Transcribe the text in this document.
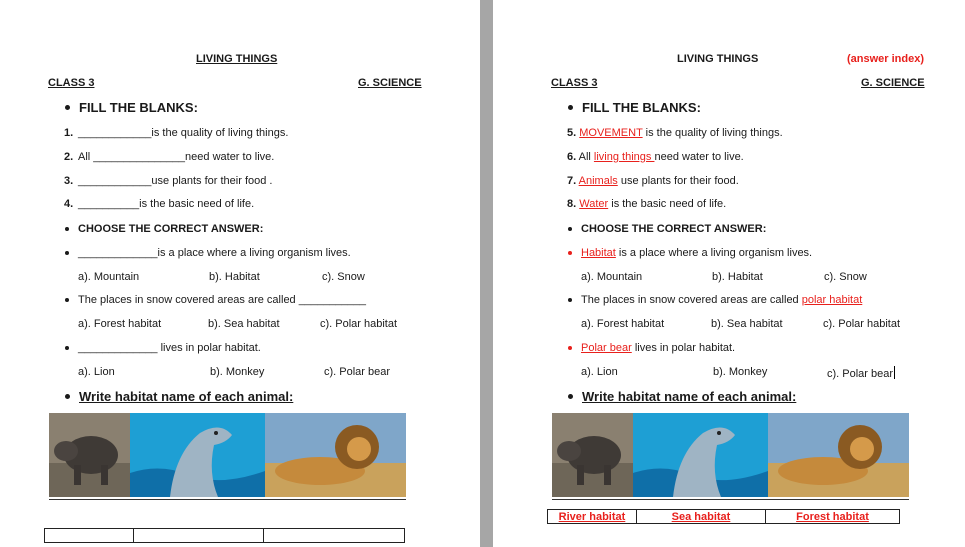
LIVING THINGS
CLASS 3	G. SCIENCE
FILL THE BLANKS:
1. ____________is the quality of living things.
2. All _______________need water to live.
3. ____________use plants for their food .
4. __________is the basic need of life.
CHOOSE THE CORRECT ANSWER:
_____________is a place where a living organism lives.
a). Mountain	b). Habitat	c). Snow
The places in snow covered areas are called ___________
a). Forest habitat	b). Sea habitat	c). Polar habitat
_____________ lives in polar habitat.
a). Lion	b). Monkey	c). Polar bear
Write habitat name of each animal:

LIVING THINGS	(answer index)
CLASS 3	G. SCIENCE
FILL THE BLANKS:
5. MOVEMENT is the quality of living things.
6. All living things need water to live.
7. Animals use plants for their food.
8. Water is the basic need of life.
CHOOSE THE CORRECT ANSWER:
Habitat is a place where a living organism lives.
a). Mountain	b). Habitat	c). Snow
The places in snow covered areas are called polar habitat
a). Forest habitat	b). Sea habitat	c). Polar habitat
Polar bear lives in polar habitat.
a). Lion	b). Monkey	c). Polar bear
Write habitat name of each animal:
River habitat	Sea habitat	Forest habitat
